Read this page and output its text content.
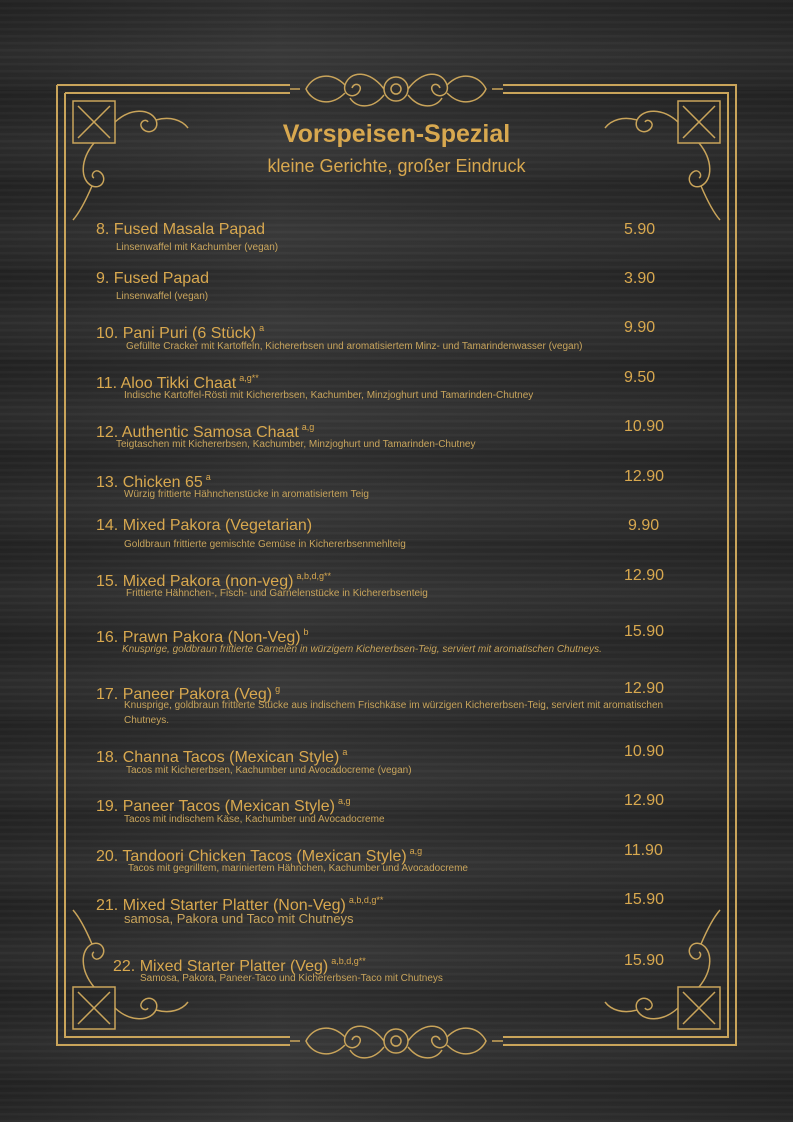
Vorspeisen-Spezial
kleine Gerichte, großer Eindruck
8. Fused Masala Papad	5.90
Linsenwaffel mit Kachumber (vegan)
9. Fused Papad	3.90
Linsenwaffel (vegan)
10. Pani Puri (6 Stück) $^a$	9.90
Gefüllte Cracker mit Kartoffeln, Kichererbsen und aromatisiertem Minz- und Tamarindenwasser (vegan)
11. Aloo Tikki Chaat $^{a,g**}$	9.50
Indische Kartoffel-Rösti mit Kichererbsen, Kachumber, Minzjoghurt und Tamarinden-Chutney
12. Authentic Samosa Chaat $^{a,g}$	10.90
Teigtaschen mit Kichererbsen, Kachumber, Minzjoghurt und Tamarinden-Chutney
13. Chicken 65 $^a$	12.90
Würzig frittierte Hähnchenstücke in aromatisiertem Teig
14. Mixed Pakora (Vegetarian)	9.90
Goldbraun frittierte gemischte Gemüse in Kichererbsenmehlteig
15. Mixed Pakora (non-veg) $^{a,b,d,g**}$	12.90
Frittierte Hähnchen-, Fisch- und Garnelenstücke in Kichererbsenteig
16. Prawn Pakora (Non-Veg) $^b$	15.90
Knusprige, goldbraun frittierte Garnelen in würzigem Kichererbsen-Teig, serviert mit aromatischen Chutneys.
17. Paneer Pakora (Veg) $^g$	12.90
Knusprige, goldbraun frittierte Stücke aus indischem Frischkäse im würzigen Kichererbsen-Teig, serviert mit aromatischen Chutneys.
18. Channa Tacos (Mexican Style) $^a$	10.90
Tacos mit Kichererbsen, Kachumber und Avocadocreme (vegan)
19. Paneer Tacos (Mexican Style) $^{a,g}$	12.90
Tacos mit indischem Käse, Kachumber und Avocadocreme
20. Tandoori Chicken Tacos (Mexican Style) $^{a,g}$	11.90
Tacos mit gegrilltem, mariniertem Hähnchen, Kachumber und Avocadocreme
21. Mixed Starter Platter (Non-Veg) $^{a,b,d,g**}$	15.90
samosa, Pakora und Taco mit Chutneys
22. Mixed Starter Platter (Veg) $^{a,b,d,g**}$	15.90
Samosa, Pakora, Paneer-Taco und Kichererbsen-Taco mit Chutneys
